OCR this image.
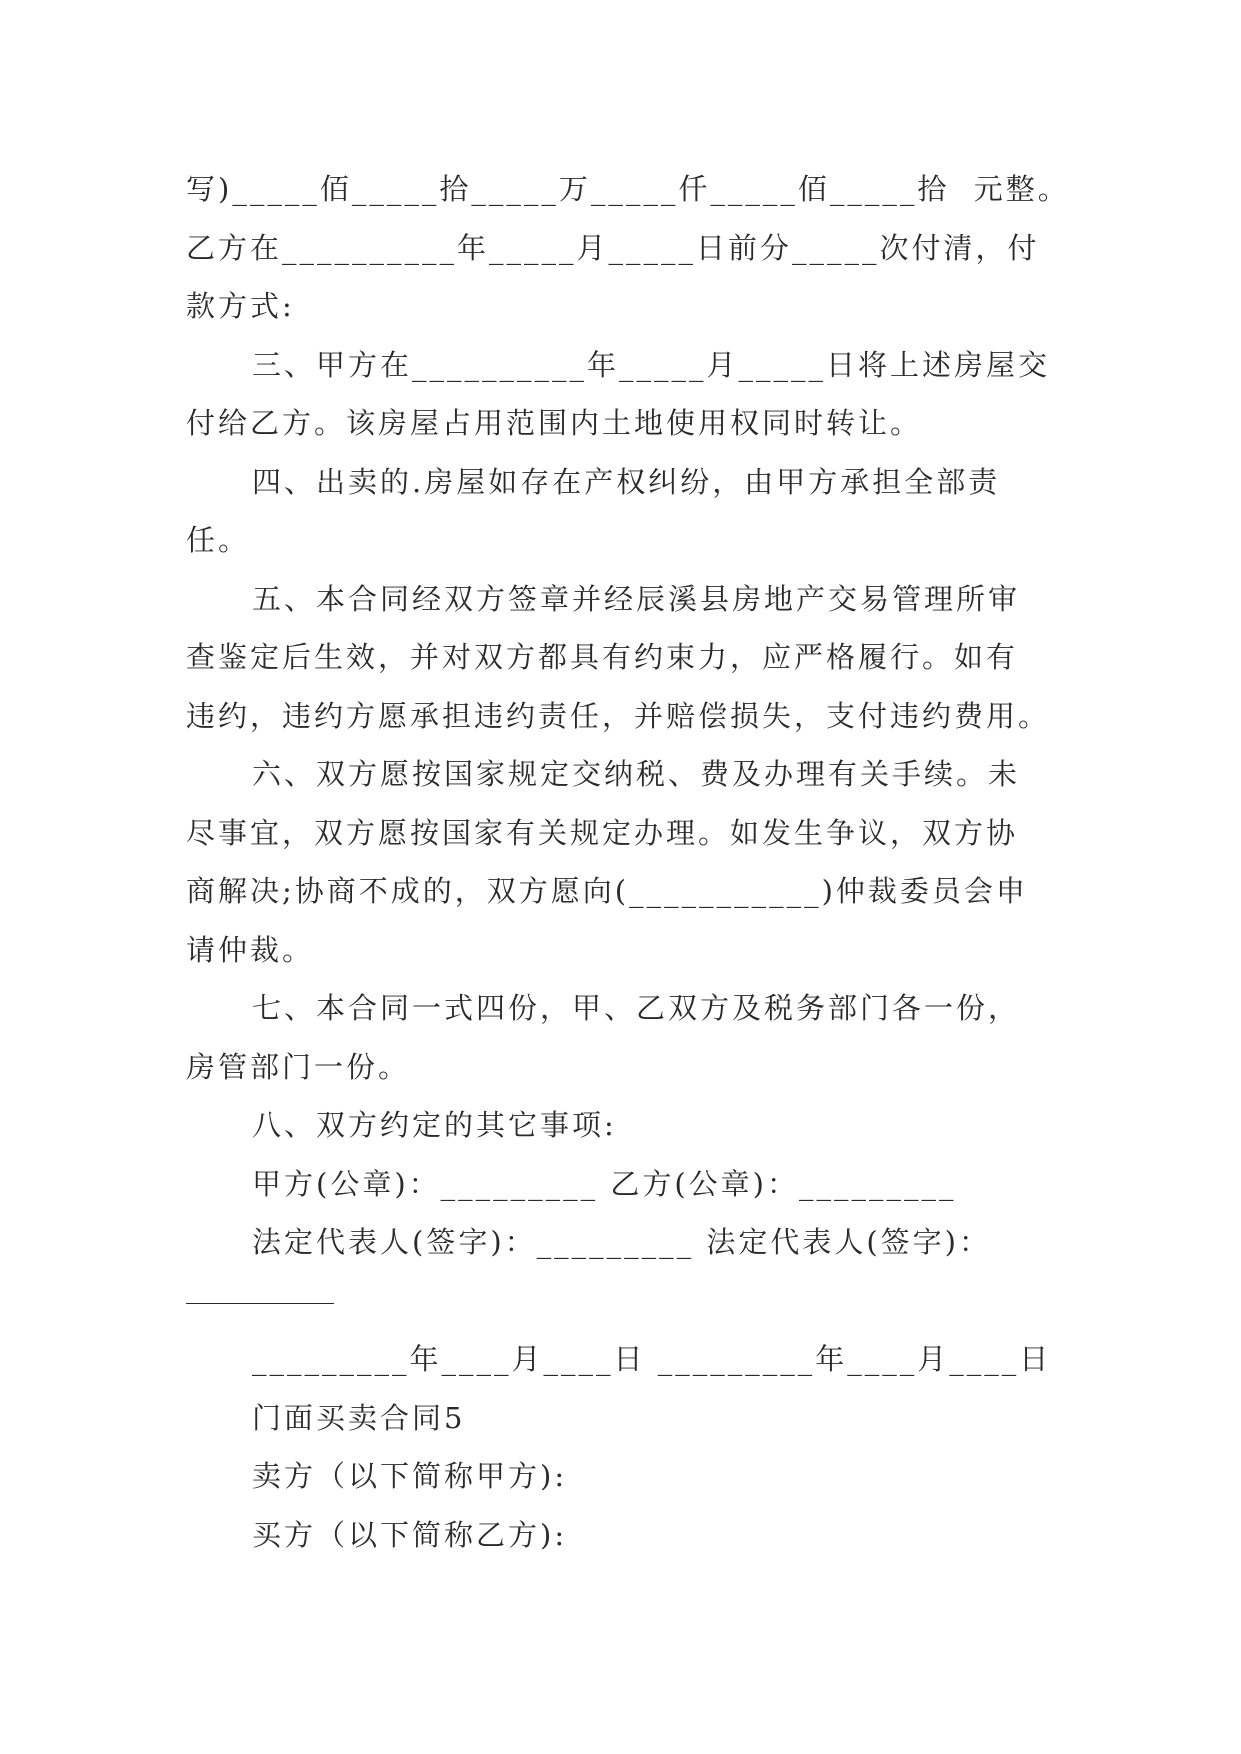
写)_____佰_____拾_____万_____仟_____佰_____拾  元整。
乙方在__________年_____月_____日前分_____次付清，付
款方式:
三、甲方在__________年_____月_____日将上述房屋交
付给乙方。该房屋占用范围内土地使用权同时转让。
四、出卖的.房屋如存在产权纠纷，由甲方承担全部责
任。
五、本合同经双方签章并经辰溪县房地产交易管理所审
查鉴定后生效，并对双方都具有约束力，应严格履行。如有
违约，违约方愿承担违约责任，并赔偿损失，支付违约费用。
六、双方愿按国家规定交纳税、费及办理有关手续。未
尽事宜，双方愿按国家有关规定办理。如发生争议，双方协
商解决;协商不成的，双方愿向(___________)仲裁委员会申
请仲裁。
七、本合同一式四份，甲、乙双方及税务部门各一份，
房管部门一份。
八、双方约定的其它事项:
甲方(公章)：_________ 乙方(公章)：_________
法定代表人(签字)：_________ 法定代表人(签字)：
_________年____月____日 _________年____月____日
门面买卖合同5
卖方（以下简称甲方):
买方（以下简称乙方):
